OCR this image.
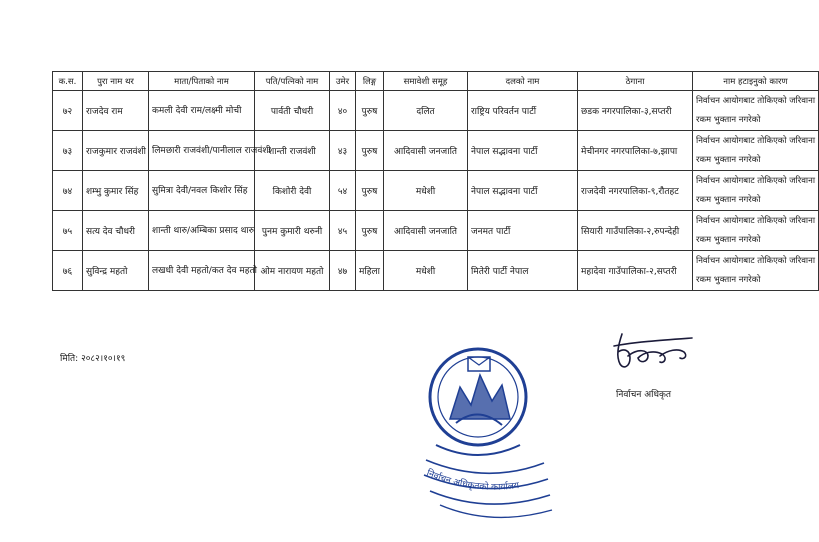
क.स.	पुरा नाम थर	माता/पिताको नाम	पति/पत्निको नाम	उमेर	लिङ्ग	समावेशी समूह	दलको नाम	ठेगाना	नाम हटाइनुको कारण
७२	राजदेव राम	कमली देवी राम/लक्ष्मी मोची	पार्वती चौधरी	४०	पुरुष	दलित	राष्ट्रिय परिवर्तन पार्टी	छडक नगरपालिका-३,सप्तरी	निर्वाचन आयोगबाट तोकिएको जरिवाना
रकम भुक्तान नगरेको

७३	राजकुमार राजवंशी	लिमछारी राजवंशी/पानीलाल राजवंशी	शान्ती राजवंशी	४३	पुरुष	आदिवासी जनजाति	नेपाल सद्भावना पार्टी	मेचीनगर नगरपालिका-७,झापा	निर्वाचन आयोगबाट तोकिएको जरिवाना
रकम भुक्तान नगरेको

७४	शम्भु कुमार सिंह	सुमित्रा देवी/नवल किशोर सिंह	किशोरी देवी	५४	पुरुष	मधेशी	नेपाल सद्भावना पार्टी	राजदेवी नगरपालिका-९,रौतहट	निर्वाचन आयोगबाट तोकिएको जरिवाना
रकम भुक्तान नगरेको

७५	सत्य देव चौधरी	शान्ती थारु/अम्बिका प्रसाद थारु	पुनम कुमारी थरुनी	४५	पुरुष	आदिवासी जनजाति	जनमत पार्टी	सियारी गाउँपालिका-२,रुपन्देही	निर्वाचन आयोगबाट तोकिएको जरिवाना
रकम भुक्तान नगरेको

७६	सुविन्द्र महतो	लखधी देवी महतो/कत देव महतो	ओम नारायण महतो	४७	महिला	मधेशी	मितेरी पार्टी नेपाल	महादेवा गाउँपालिका-२,सप्तरी	निर्वाचन आयोगबाट तोकिएको जरिवाना
रकम भुक्तान नगरेको
मिति: २०८२।१०।१९
निर्वाचन अधिकृतको कार्यालय
निर्वाचन अधिकृत
